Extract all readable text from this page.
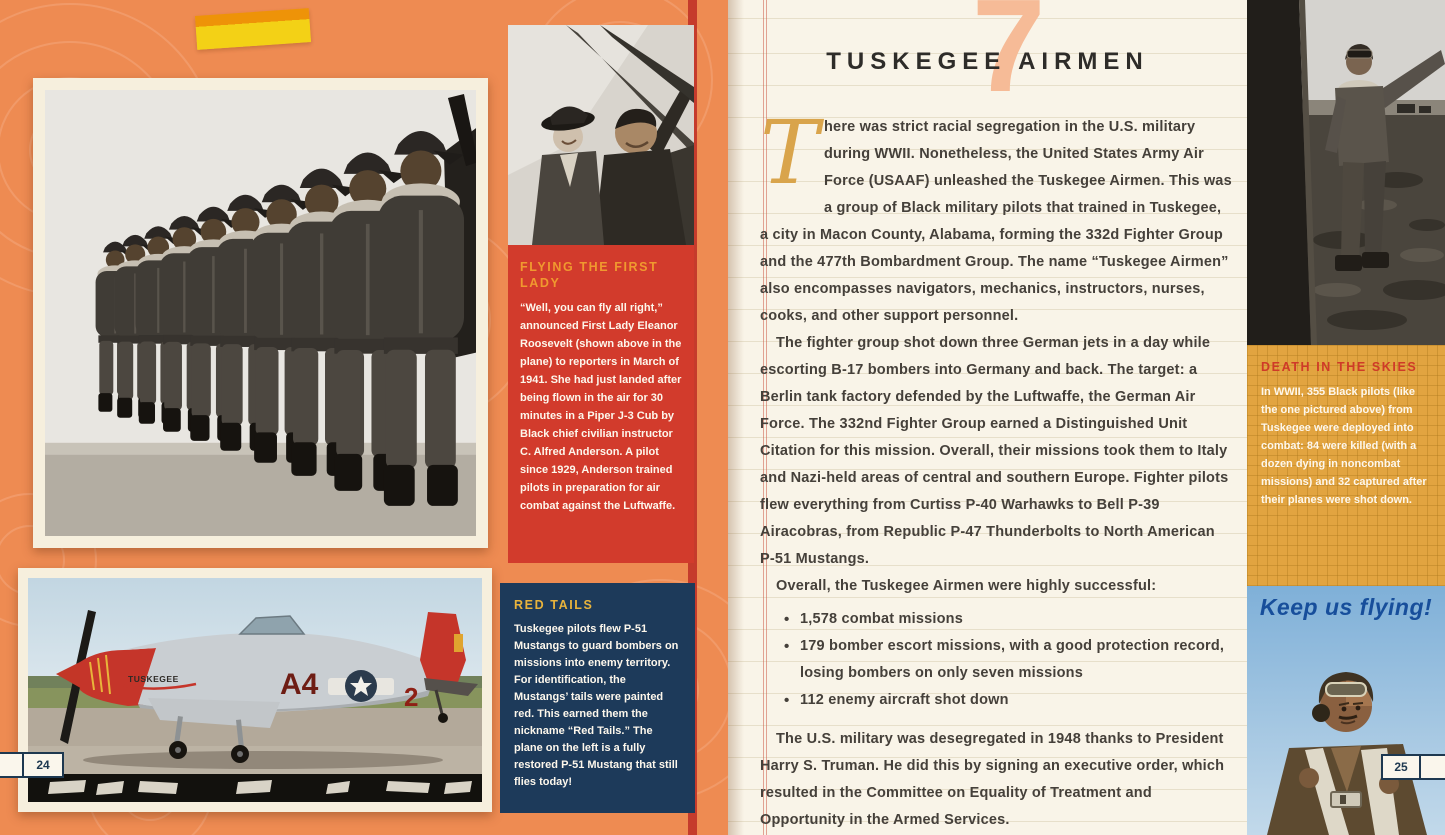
FLYING THE FIRST LADY

“Well, you can fly all right,” announced First Lady Eleanor Roosevelt (shown above in the plane) to reporters in March of 1941. She had just landed after being flown in the air for 30 minutes in a Piper J-3 Cub by Black chief civilian instructor C. Alfred Anderson. A pilot since 1929, Anderson trained pilots in preparation for air combat against the Luftwaffe.

TUSKEGEE	A4	2
RED TAILS

Tuskegee pilots flew P-51 Mustangs to guard bombers on missions into enemy territory. For identification, the Mustangs’ tails were painted red. This earned them the nickname “Red Tails.” The plane on the left is a fully restored P-51 Mustang that still flies today!

24
7
TUSKEGEE AIRMEN

There was strict racial segregation in the U.S. military during WWII. Nonetheless, the United States Army Air Force (USAAF) unleashed the Tuskegee Airmen. This was a group of Black military pilots that trained in Tuskegee, a city in Macon County, Alabama, forming the 332d Fighter Group and the 477th Bombardment Group. The name “Tuskegee Airmen” also encompasses navigators, mechanics, instructors, nurses, cooks, and other support personnel.

The fighter group shot down three German jets in a day while escorting B-17 bombers into Germany and back. The target: a Berlin tank factory defended by the Luftwaffe, the German Air Force. The 332nd Fighter Group earned a Distinguished Unit Citation for this mission. Overall, their missions took them to Italy and Nazi-held areas of central and southern Europe. Fighter pilots flew everything from Curtiss P-40 Warhawks to Bell P-39 Airacobras, from Republic P-47 Thunderbolts to North American P-51 Mustangs.

Overall, the Tuskegee Airmen were highly successful:

• 1,578 combat missions
• 179 bomber escort missions, with a good protection record, losing bombers on only seven missions
• 112 enemy aircraft shot down

The U.S. military was desegregated in 1948 thanks to President Harry S. Truman. He did this by signing an executive order, which resulted in the Committee on Equality of Treatment and Opportunity in the Armed Services.

DEATH IN THE SKIES

In WWII, 355 Black pilots (like the one pictured above) from Tuskegee were deployed into combat: 84 were killed (with a dozen dying in noncombat missions) and 32 captured after their planes were shot down.

Keep us flying!
25
